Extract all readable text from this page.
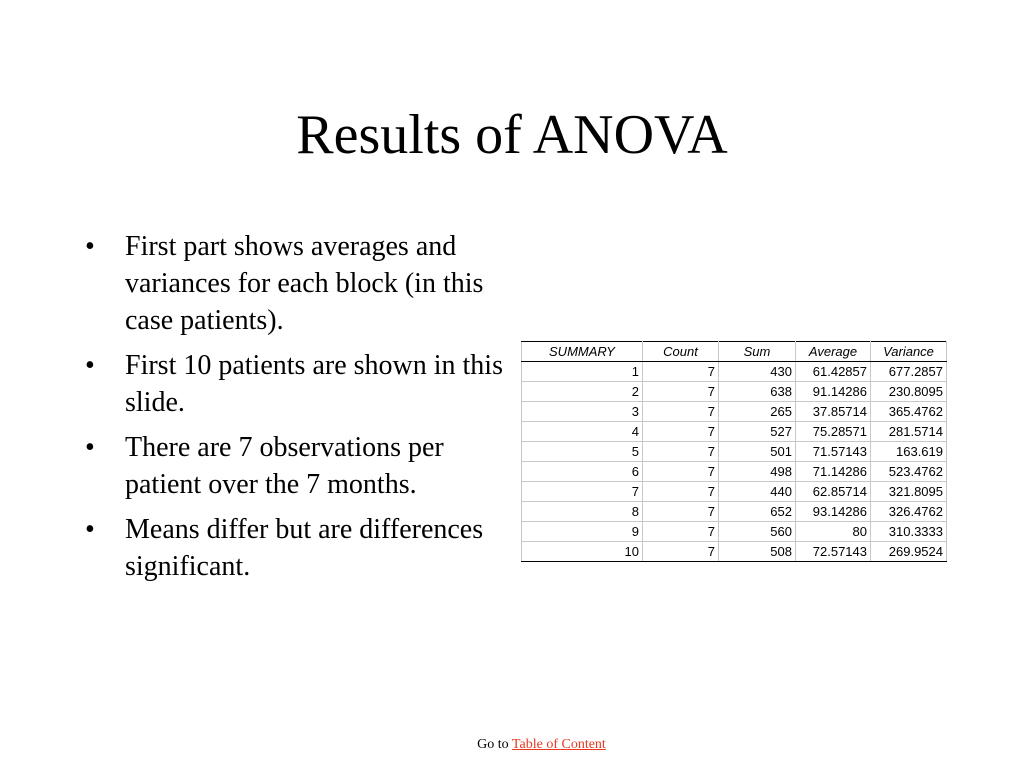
Results of ANOVA
• First part shows averages and variances for each block (in this case patients).
• First 10 patients are shown in this slide.
• There are 7 observations per patient over the 7 months.
• Means differ but are differences significant.
SUMMARY	Count	Sum	Average	Variance
1	7	430	61.42857	677.2857
2	7	638	91.14286	230.8095
3	7	265	37.85714	365.4762
4	7	527	75.28571	281.5714
5	7	501	71.57143	163.619
6	7	498	71.14286	523.4762
7	7	440	62.85714	321.8095
8	7	652	93.14286	326.4762
9	7	560	80	310.3333
10	7	508	72.57143	269.9524
Go to Table of Content
